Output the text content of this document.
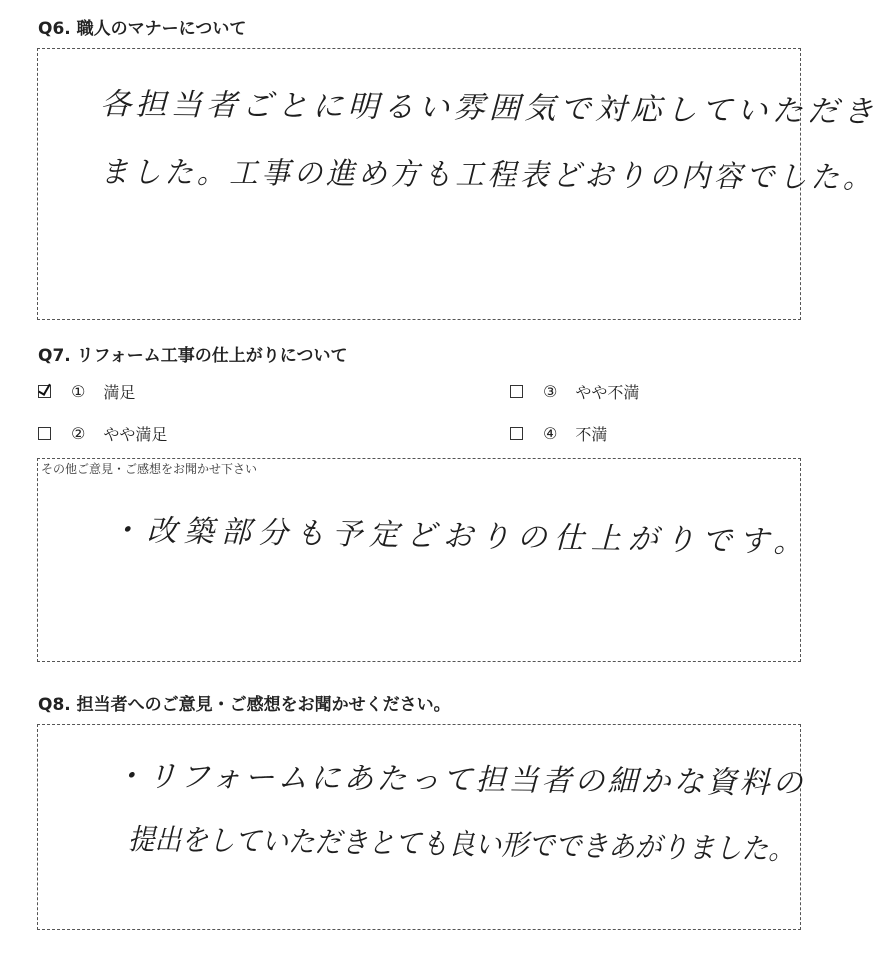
Q6. 職人のマナーについて
各担当者ごとに明るい雰囲気で対応していただき
ました。工事の進め方も工程表どおりの内容でした。
Q7. リフォーム工事の仕上がりについて
① 満足
② やや満足
③ やや不満
④ 不満
その他ご意見・ご感想をお聞かせ下さい
・改築部分も予定どおりの仕上がりです。
Q8. 担当者へのご意見・ご感想をお聞かせください。
・リフォームにあたって担当者の細かな資料の
提出をしていただきとても良い形でできあがりました。
